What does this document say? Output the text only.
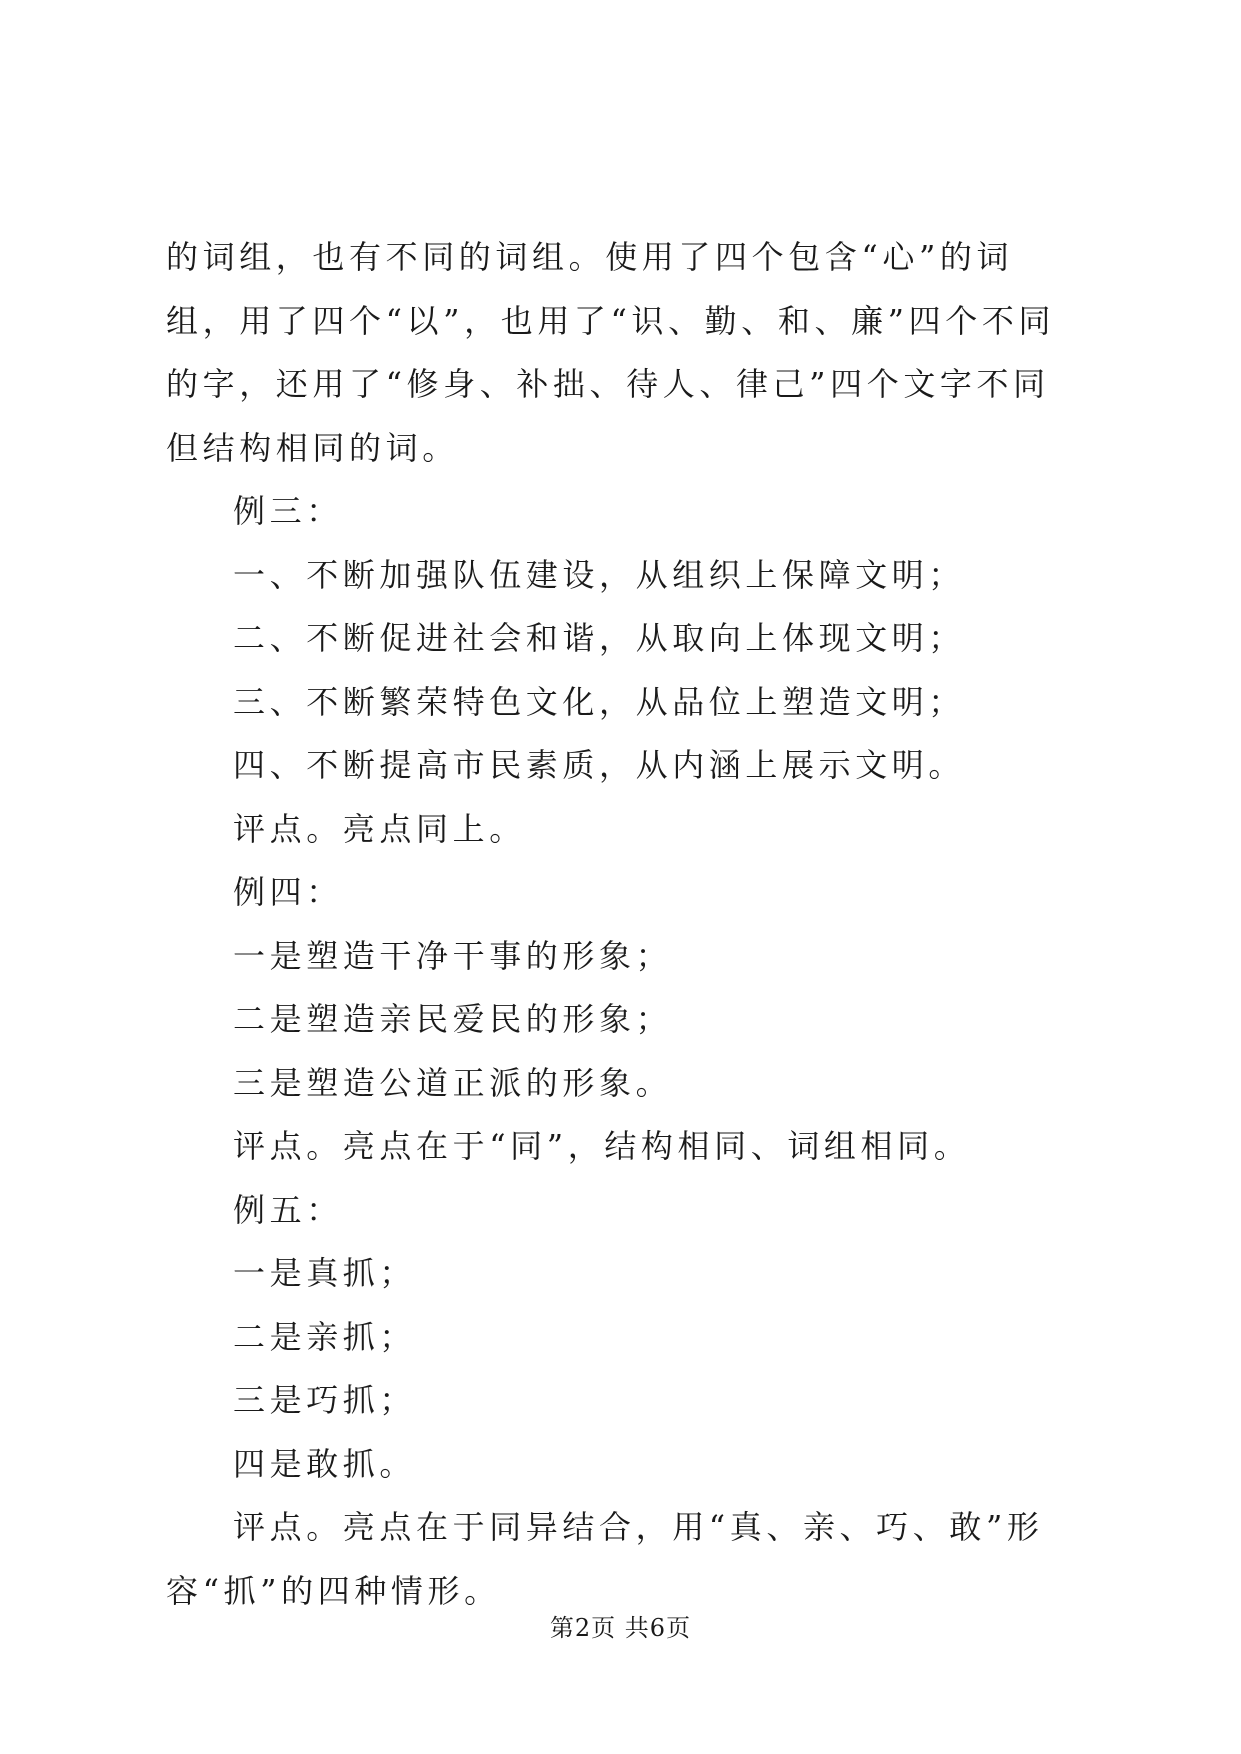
的词组，也有不同的词组。使用了四个包含“心”的词组，用了四个“以”，也用了“识、勤、和、廉”四个不同的字，还用了“修身、补拙、待人、律己”四个文字不同但结构相同的词。

例三：

一、不断加强队伍建设，从组织上保障文明；

二、不断促进社会和谐，从取向上体现文明；

三、不断繁荣特色文化，从品位上塑造文明；

四、不断提高市民素质，从内涵上展示文明。

评点。亮点同上。

例四：

一是塑造干净干事的形象；

二是塑造亲民爱民的形象；

三是塑造公道正派的形象。

评点。亮点在于“同”，结构相同、词组相同。

例五：

一是真抓；

二是亲抓；

三是巧抓；

四是敢抓。

评点。亮点在于同异结合，用“真、亲、巧、敢”形容“抓”的四种情形。

第2页 共6页
